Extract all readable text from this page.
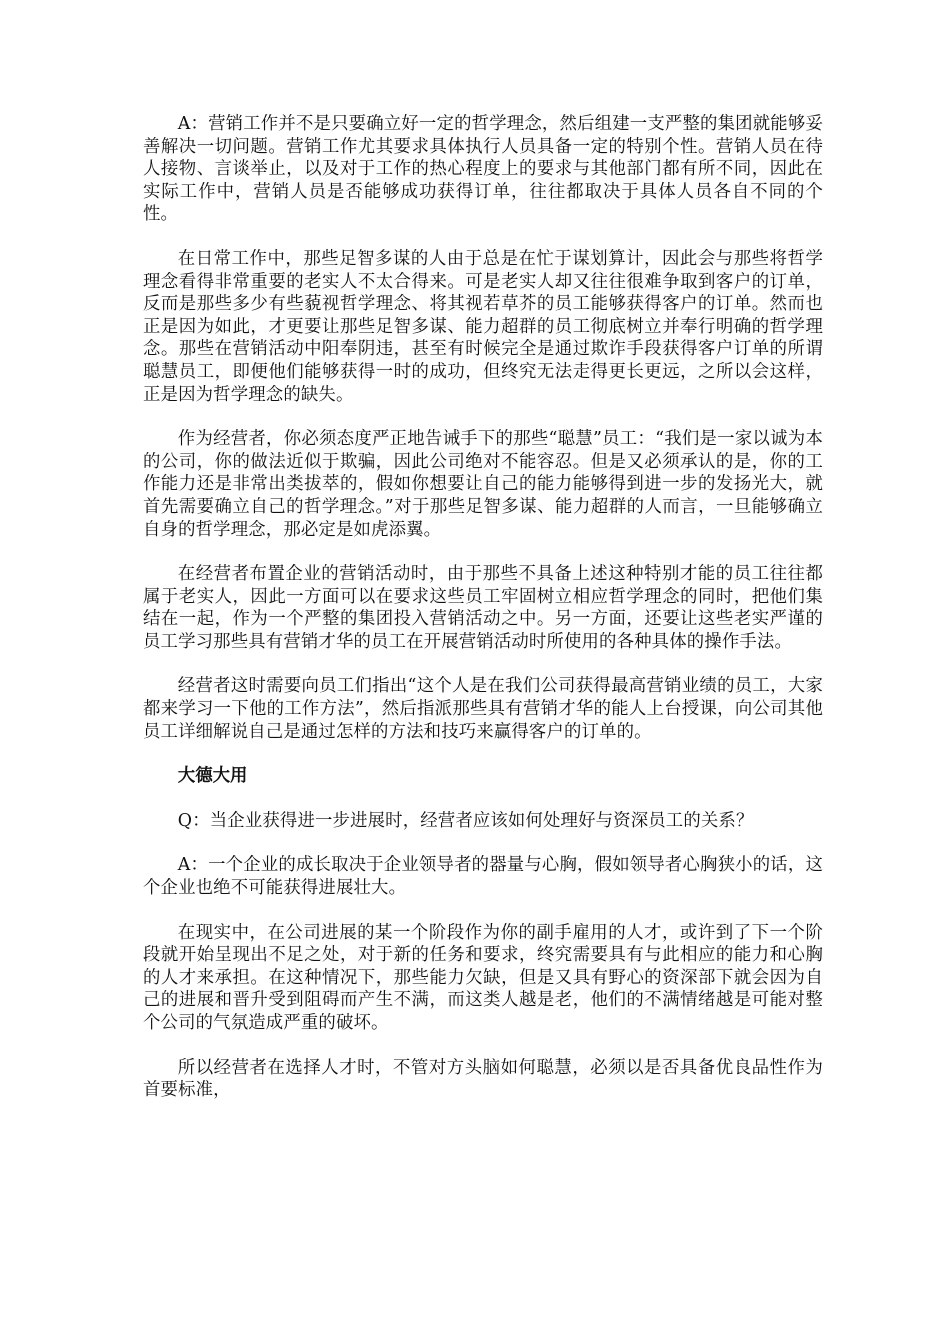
A：营销工作并不是只要确立好一定的哲学理念，然后组建一支严整的集团就能够妥善解决一切问题。营销工作尤其要求具体执行人员具备一定的特别个性。营销人员在待人接物、言谈举止，以及对于工作的热心程度上的要求与其他部门都有所不同，因此在实际工作中，营销人员是否能够成功获得订单，往往都取决于具体人员各自不同的个性。

在日常工作中，那些足智多谋的人由于总是在忙于谋划算计，因此会与那些将哲学理念看得非常重要的老实人不太合得来。可是老实人却又往往很难争取到客户的订单，反而是那些多少有些藐视哲学理念、将其视若草芥的员工能够获得客户的订单。然而也正是因为如此，才更要让那些足智多谋、能力超群的员工彻底树立并奉行明确的哲学理念。那些在营销活动中阳奉阴违，甚至有时候完全是通过欺诈手段获得客户订单的所谓聪慧员工，即便他们能够获得一时的成功，但终究无法走得更长更远，之所以会这样，正是因为哲学理念的缺失。

作为经营者，你必须态度严正地告诫手下的那些“聪慧”员工：“我们是一家以诚为本的公司，你的做法近似于欺骗，因此公司绝对不能容忍。但是又必须承认的是，你的工作能力还是非常出类拔萃的，假如你想要让自己的能力能够得到进一步的发扬光大，就首先需要确立自己的哲学理念。”对于那些足智多谋、能力超群的人而言，一旦能够确立自身的哲学理念，那必定是如虎添翼。

在经营者布置企业的营销活动时，由于那些不具备上述这种特别才能的员工往往都属于老实人，因此一方面可以在要求这些员工牢固树立相应哲学理念的同时，把他们集结在一起，作为一个严整的集团投入营销活动之中。另一方面，还要让这些老实严谨的员工学习那些具有营销才华的员工在开展营销活动时所使用的各种具体的操作手法。

经营者这时需要向员工们指出“这个人是在我们公司获得最高营销业绩的员工，大家都来学习一下他的工作方法”，然后指派那些具有营销才华的能人上台授课，向公司其他员工详细解说自己是通过怎样的方法和技巧来赢得客户的订单的。

大德大用

Q：当企业获得进一步进展时，经营者应该如何处理好与资深员工的关系？

A：一个企业的成长取决于企业领导者的器量与心胸，假如领导者心胸狭小的话，这个企业也绝不可能获得进展壮大。

在现实中，在公司进展的某一个阶段作为你的副手雇用的人才，或许到了下一个阶段就开始呈现出不足之处，对于新的任务和要求，终究需要具有与此相应的能力和心胸的人才来承担。在这种情况下，那些能力欠缺，但是又具有野心的资深部下就会因为自己的进展和晋升受到阻碍而产生不满，而这类人越是老，他们的不满情绪越是可能对整个公司的气氛造成严重的破坏。

所以经营者在选择人才时，不管对方头脑如何聪慧，必须以是否具备优良品性作为首要标准，
